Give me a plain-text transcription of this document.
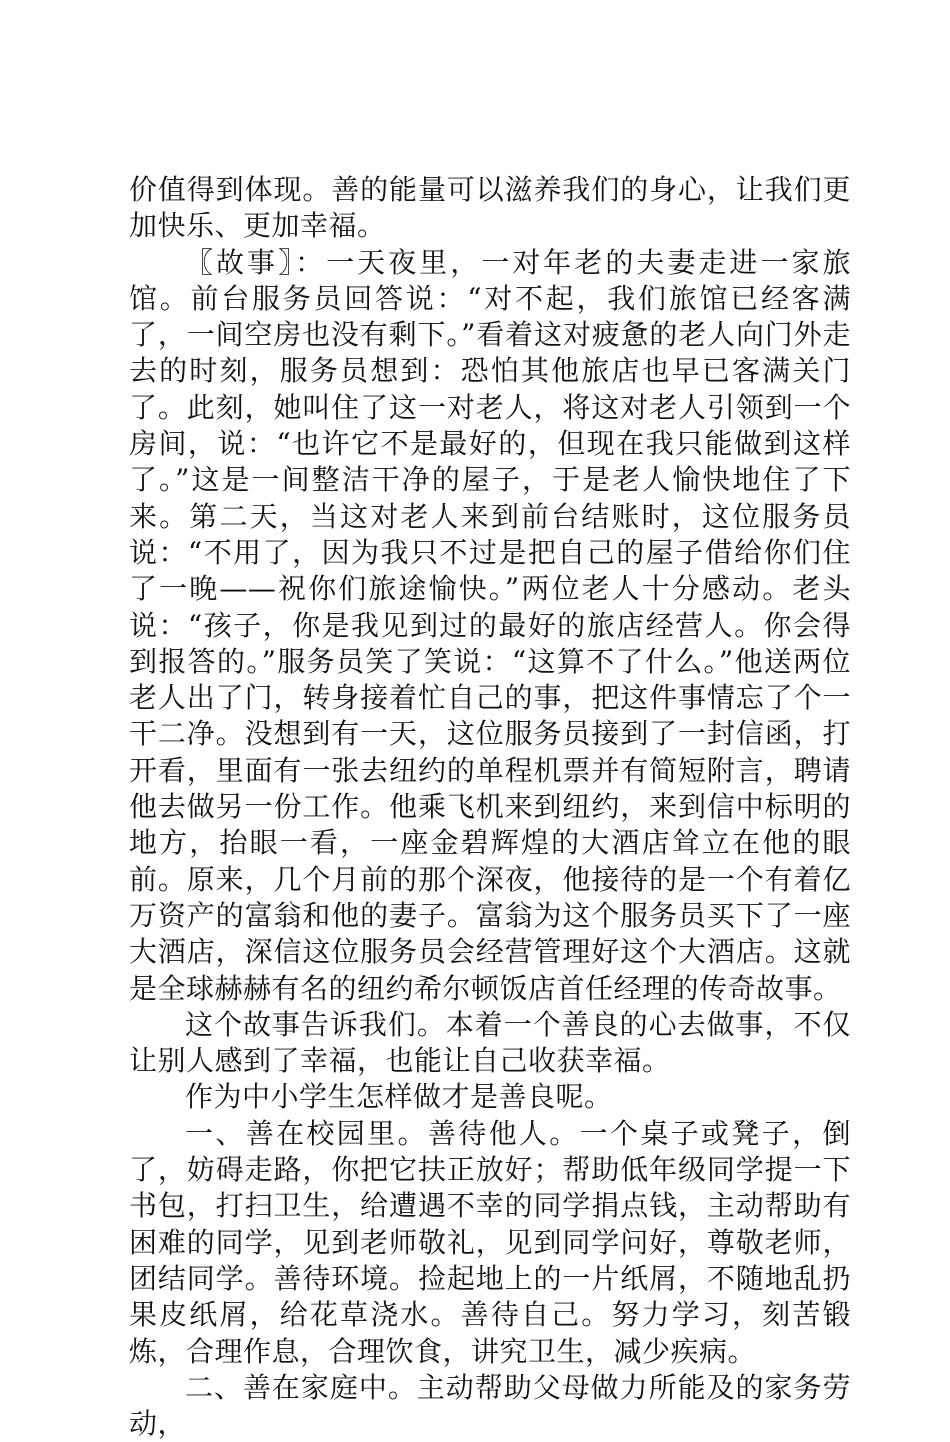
价值得到体现。善的能量可以滋养我们的身心，让我们更加快乐、更加幸福。

〖故事〗：一天夜里，一对年老的夫妻走进一家旅馆。前台服务员回答说：“对不起，我们旅馆已经客满了，一间空房也没有剩下。”看着这对疲惫的老人向门外走去的时刻，服务员想到：恐怕其他旅店也早已客满关门了。此刻，她叫住了这一对老人，将这对老人引领到一个房间，说：“也许它不是最好的，但现在我只能做到这样了。”这是一间整洁干净的屋子，于是老人愉快地住了下来。第二天，当这对老人来到前台结账时，这位服务员说：“不用了，因为我只不过是把自己的屋子借给你们住了一晚——祝你们旅途愉快。”两位老人十分感动。老头说：“孩子，你是我见到过的最好的旅店经营人。你会得到报答的。”服务员笑了笑说：“这算不了什么。”他送两位老人出了门，转身接着忙自己的事，把这件事情忘了个一干二净。没想到有一天，这位服务员接到了一封信函，打开看，里面有一张去纽约的单程机票并有简短附言，聘请他去做另一份工作。他乘飞机来到纽约，来到信中标明的地方，抬眼一看，一座金碧辉煌的大酒店耸立在他的眼前。原来，几个月前的那个深夜，他接待的是一个有着亿万资产的富翁和他的妻子。富翁为这个服务员买下了一座大酒店，深信这位服务员会经营管理好这个大酒店。这就是全球赫赫有名的纽约希尔顿饭店首任经理的传奇故事。

这个故事告诉我们。本着一个善良的心去做事，不仅让别人感到了幸福，也能让自己收获幸福。

作为中小学生怎样做才是善良呢。

一、善在校园里。善待他人。一个桌子或凳子，倒了，妨碍走路，你把它扶正放好；帮助低年级同学提一下书包，打扫卫生，给遭遇不幸的同学捐点钱，主动帮助有困难的同学，见到老师敬礼，见到同学问好，尊敬老师，团结同学。善待环境。捡起地上的一片纸屑，不随地乱扔果皮纸屑，给花草浇水。善待自己。努力学习，刻苦锻炼，合理作息，合理饮食，讲究卫生，减少疾病。

二、善在家庭中。主动帮助父母做力所能及的家务劳动，
